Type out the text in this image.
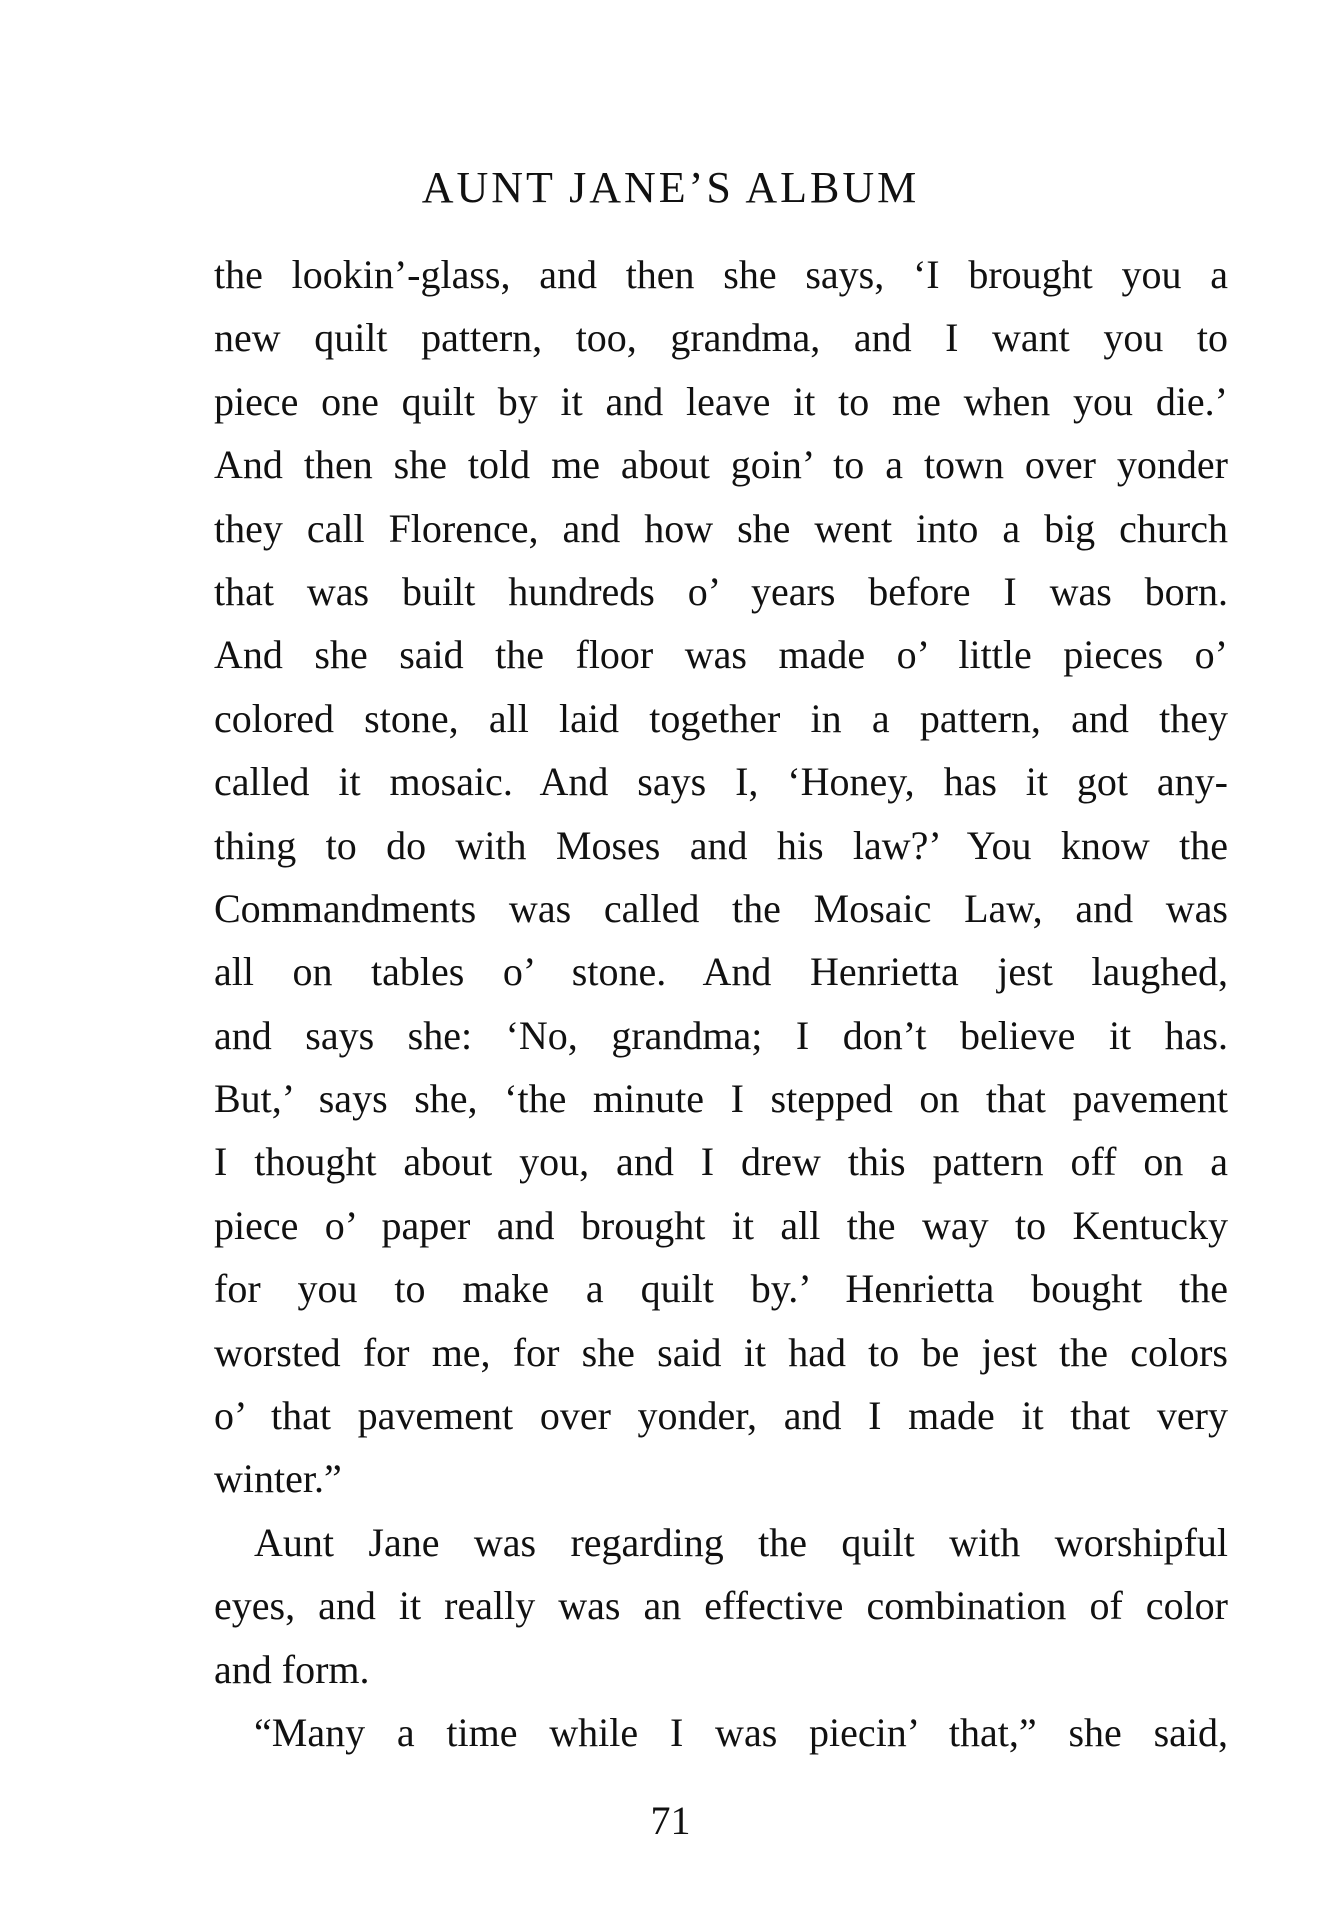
AUNT JANE’S ALBUM
the lookin’-glass, and then she says, ‘I brought you a
new quilt pattern, too, grandma, and I want you to
piece one quilt by it and leave it to me when you die.’
And then she told me about goin’ to a town over yonder
they call Florence, and how she went into a big church
that was built hundreds o’ years before I was born.
And she said the floor was made o’ little pieces o’
colored stone, all laid together in a pattern, and they
called it mosaic. And says I, ‘Honey, has it got any-
thing to do with Moses and his law?’ You know the
Commandments was called the Mosaic Law, and was
all on tables o’ stone. And Henrietta jest laughed,
and says she: ‘No, grandma; I don’t believe it has.
But,’ says she, ‘the minute I stepped on that pavement
I thought about you, and I drew this pattern off on a
piece o’ paper and brought it all the way to Kentucky
for you to make a quilt by.’ Henrietta bought the
worsted for me, for she said it had to be jest the colors
o’ that pavement over yonder, and I made it that very
winter.”
Aunt Jane was regarding the quilt with worshipful
eyes, and it really was an effective combination of color
and form.
“Many a time while I was piecin’ that,” she said,
71
